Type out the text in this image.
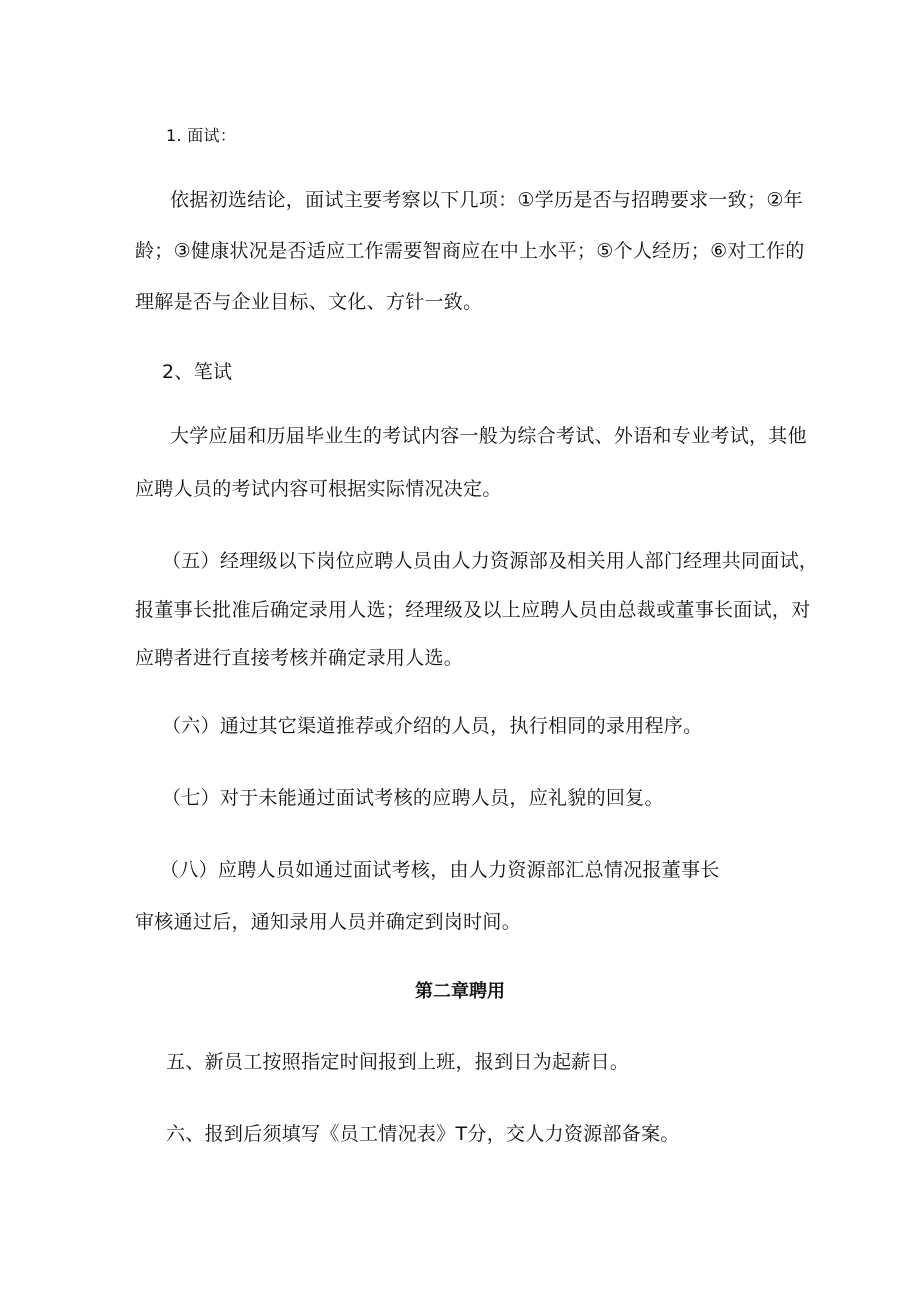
1. 面试：
依据初选结论，面试主要考察以下几项：①学历是否与招聘要求一致；②年
龄；③健康状况是否适应工作需要智商应在中上水平；⑤个人经历；⑥对工作的
理解是否与企业目标、文化、方针一致。
2、笔试
大学应届和历届毕业生的考试内容一般为综合考试、外语和专业考试，其他
应聘人员的考试内容可根据实际情况决定。
（五）经理级以下岗位应聘人员由人力资源部及相关用人部门经理共同面试，
报董事长批准后确定录用人选；经理级及以上应聘人员由总裁或董事长面试，对
应聘者进行直接考核并确定录用人选。
（六）通过其它渠道推荐或介绍的人员，执行相同的录用程序。
（七）对于未能通过面试考核的应聘人员，应礼貌的回复。
（八）应聘人员如通过面试考核，由人力资源部汇总情况报董事长
审核通过后，通知录用人员并确定到岗时间。
第二章聘用
五、新员工按照指定时间报到上班，报到日为起薪日。
六、报到后须填写《员工情况表》T分，交人力资源部备案。
